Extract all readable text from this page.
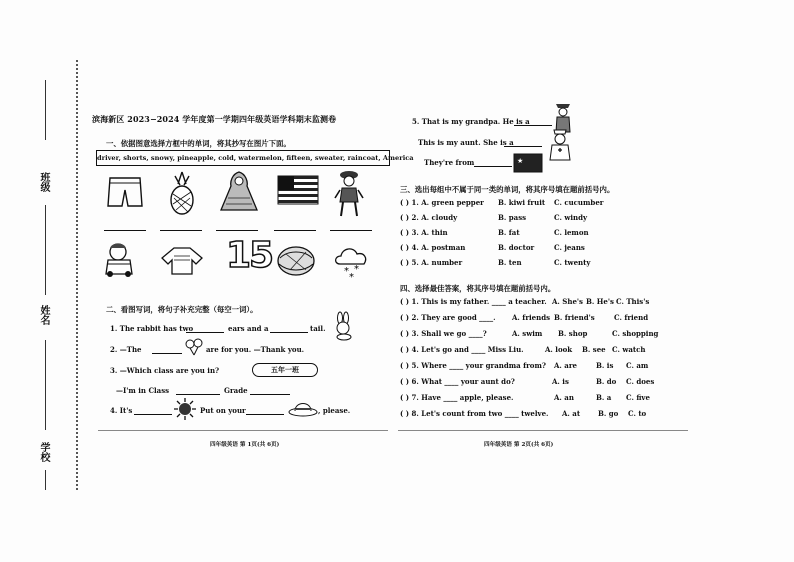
班级
姓名
学校
滨海新区 2023−2024 学年度第一学期四年级英语学科期末监测卷
一、依据图意选择方框中的单词，将其抄写在图片下面。
driver, shorts, snowy, pineapple, cold, watermelon, fifteen, sweater, raincoat, America
15	* *
*
二、看图写词，将句子补充完整（每空一词）。
1. The rabbit has two	ears and a	tail.
2. —The	are for you. —Thank you.
3. —Which class are you in?	五年一班
—I'm in Class	Grade
4. It's	Put on your	, please.
四年级英语 第 1页(共 6页)
5. That is my grandpa. He is a
This is my aunt. She is a
They're from	★
三、选出每组中不属于同一类的单词，将其序号填在题前括号内。
( ) 1. A. green pepper B. kiwi fruit C. cucumber
( ) 2. A. cloudy	B. pass	C. windy
( ) 3. A. thin	B. fat	C. lemon
( ) 4. A. postman	B. doctor	C. jeans
( ) 5. A. number	B. ten	C. twenty
四、选择最佳答案，将其序号填在题前括号内。
( ) 1. This is my father. ____ a teacher. A. She's B. He's C. This's
( ) 2. They are good ____. A. friends B. friend's	C. friend
( ) 3. Shall we go ____?	A. swim B. shop	C. shopping
( ) 4. Let's go and ____ Miss Liu.	A. look B. see C. watch
( ) 5. Where ____ your grandma from? A. are	B. is C. am
( ) 6. What ____ your aunt do?	A. is	B. do C. does
( ) 7. Have ____ apple, please.	A. an	B. a C. five
( ) 8. Let's count from two ____ twelve. A. at	B. go C. to
四年级英语 第 2页(共 6页)
